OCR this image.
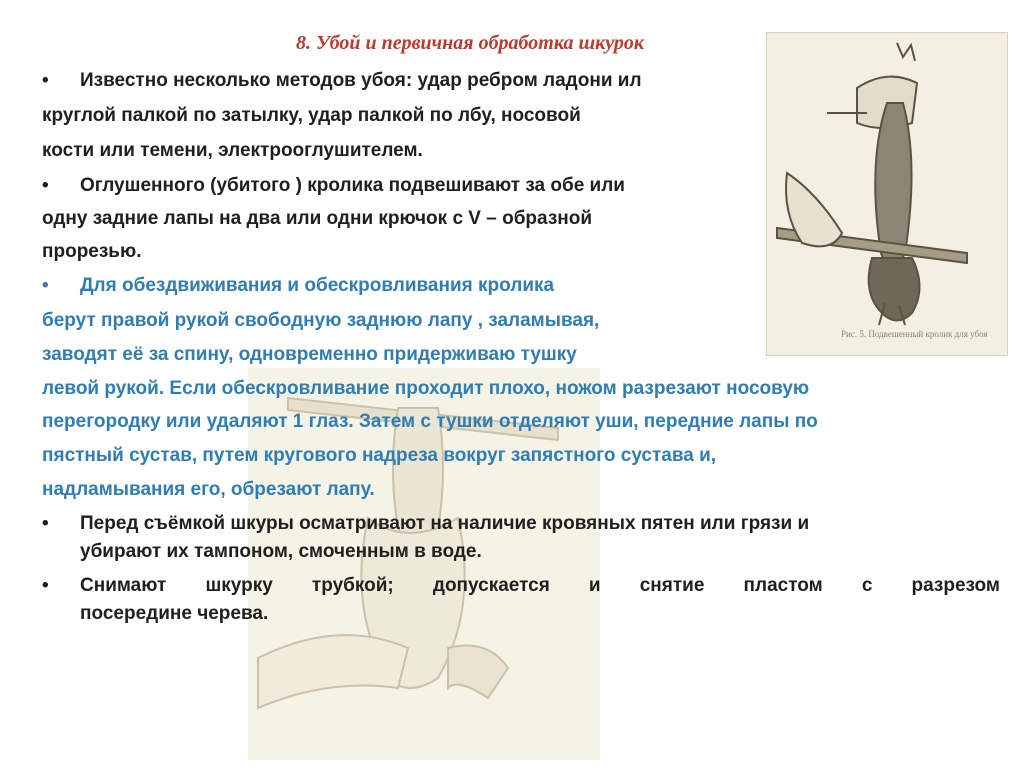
8. Убой и первичная обработка шкурок
Рис. 5. Подвешенный кролик для убоя
• Известно несколько методов убоя: удар ребром ладони ил
круглой палкой по затылку, удар палкой по лбу, носовой
кости или темени, электрооглушителем.
• Оглушенного (убитого ) кролика подвешивают за обе или
одну задние лапы на два или одни крючок с V – образной
прорезью.
• Для обездвиживания и обескровливания кролика
берут правой рукой свободную заднюю лапу , заламывая,
заводят её за спину, одновременно придерживаю тушку
левой рукой. Если обескровливание проходит плохо, ножом разрезают носовую
перегородку или удаляют 1 глаз. Затем с тушки отделяют уши, передние лапы по
пястный сустав, путем кругового надреза вокруг запястного сустава и,
надламывания его, обрезают лапу.
• Перед съёмкой шкуры осматривают на наличие кровяных пятен или грязи и
убирают их тампоном, смоченным в воде.
• Снимают шкурку трубкой; допускается и снятие пластом с разрезом
посередине черева.
